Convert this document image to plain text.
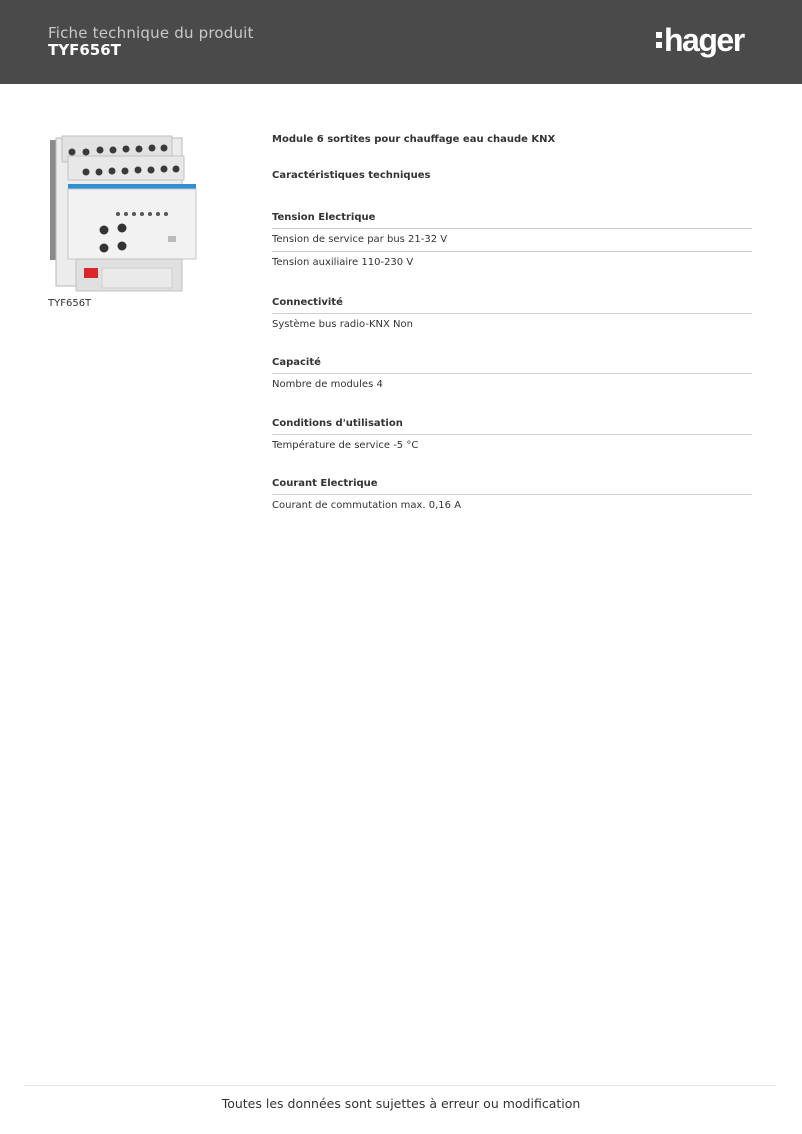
Fiche technique du produit
TYF656T	hager
TYF656T
Module 6 sortites pour chauffage eau chaude KNX
Caractéristiques techniques
Tension Electrique
Tension de service par bus 21-32 V
Tension auxiliaire 110-230 V
Connectivité
Système bus radio-KNX Non
Capacité
Nombre de modules 4
Conditions d'utilisation
Température de service -5 °C
Courant Electrique
Courant de commutation max. 0,16 A
Toutes les données sont sujettes à erreur ou modification
